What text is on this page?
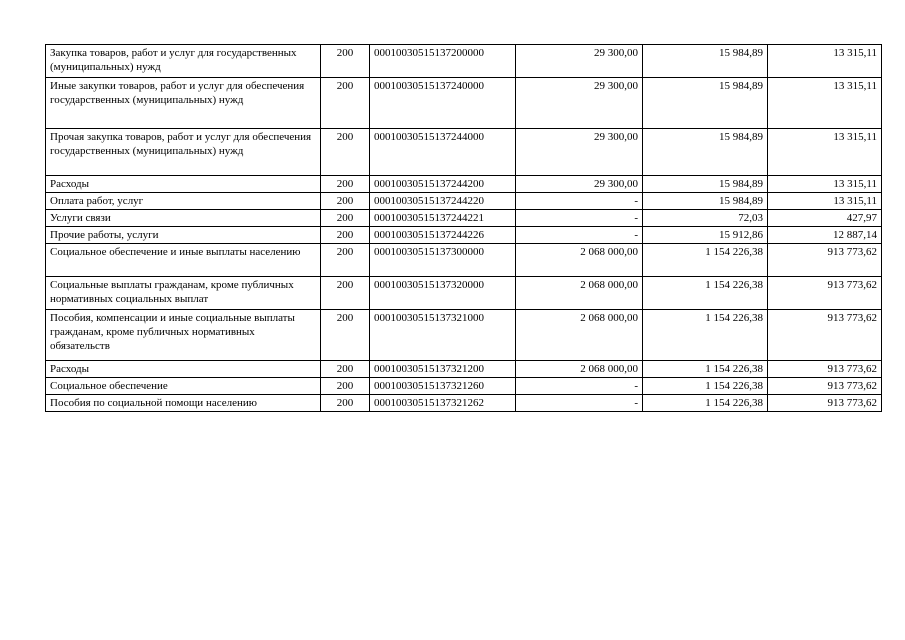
Закупка товаров, работ и услуг для государственных (муниципальных) нужд	200	00010030515137200000	29 300,00	15 984,89	13 315,11
Иные закупки товаров, работ и услуг для обеспечения государственных (муниципальных) нужд	200	00010030515137240000	29 300,00	15 984,89	13 315,11
Прочая закупка товаров, работ и услуг для обеспечения государственных (муниципальных) нужд	200	00010030515137244000	29 300,00	15 984,89	13 315,11
Расходы	200	00010030515137244200	29 300,00	15 984,89	13 315,11
Оплата работ, услуг	200	00010030515137244220	-	15 984,89	13 315,11
Услуги связи	200	00010030515137244221	-	72,03	427,97
Прочие работы, услуги	200	00010030515137244226	-	15 912,86	12 887,14
Социальное обеспечение и иные выплаты населению	200	00010030515137300000	2 068 000,00	1 154 226,38	913 773,62
Социальные выплаты гражданам, кроме публичных нормативных социальных выплат	200	00010030515137320000	2 068 000,00	1 154 226,38	913 773,62
Пособия, компенсации и иные социальные выплаты гражданам, кроме публичных нормативных обязательств	200	00010030515137321000	2 068 000,00	1 154 226,38	913 773,62
Расходы	200	00010030515137321200	2 068 000,00	1 154 226,38	913 773,62
Социальное обеспечение	200	00010030515137321260	-	1 154 226,38	913 773,62
Пособия по социальной помощи населению	200	00010030515137321262	-	1 154 226,38	913 773,62
